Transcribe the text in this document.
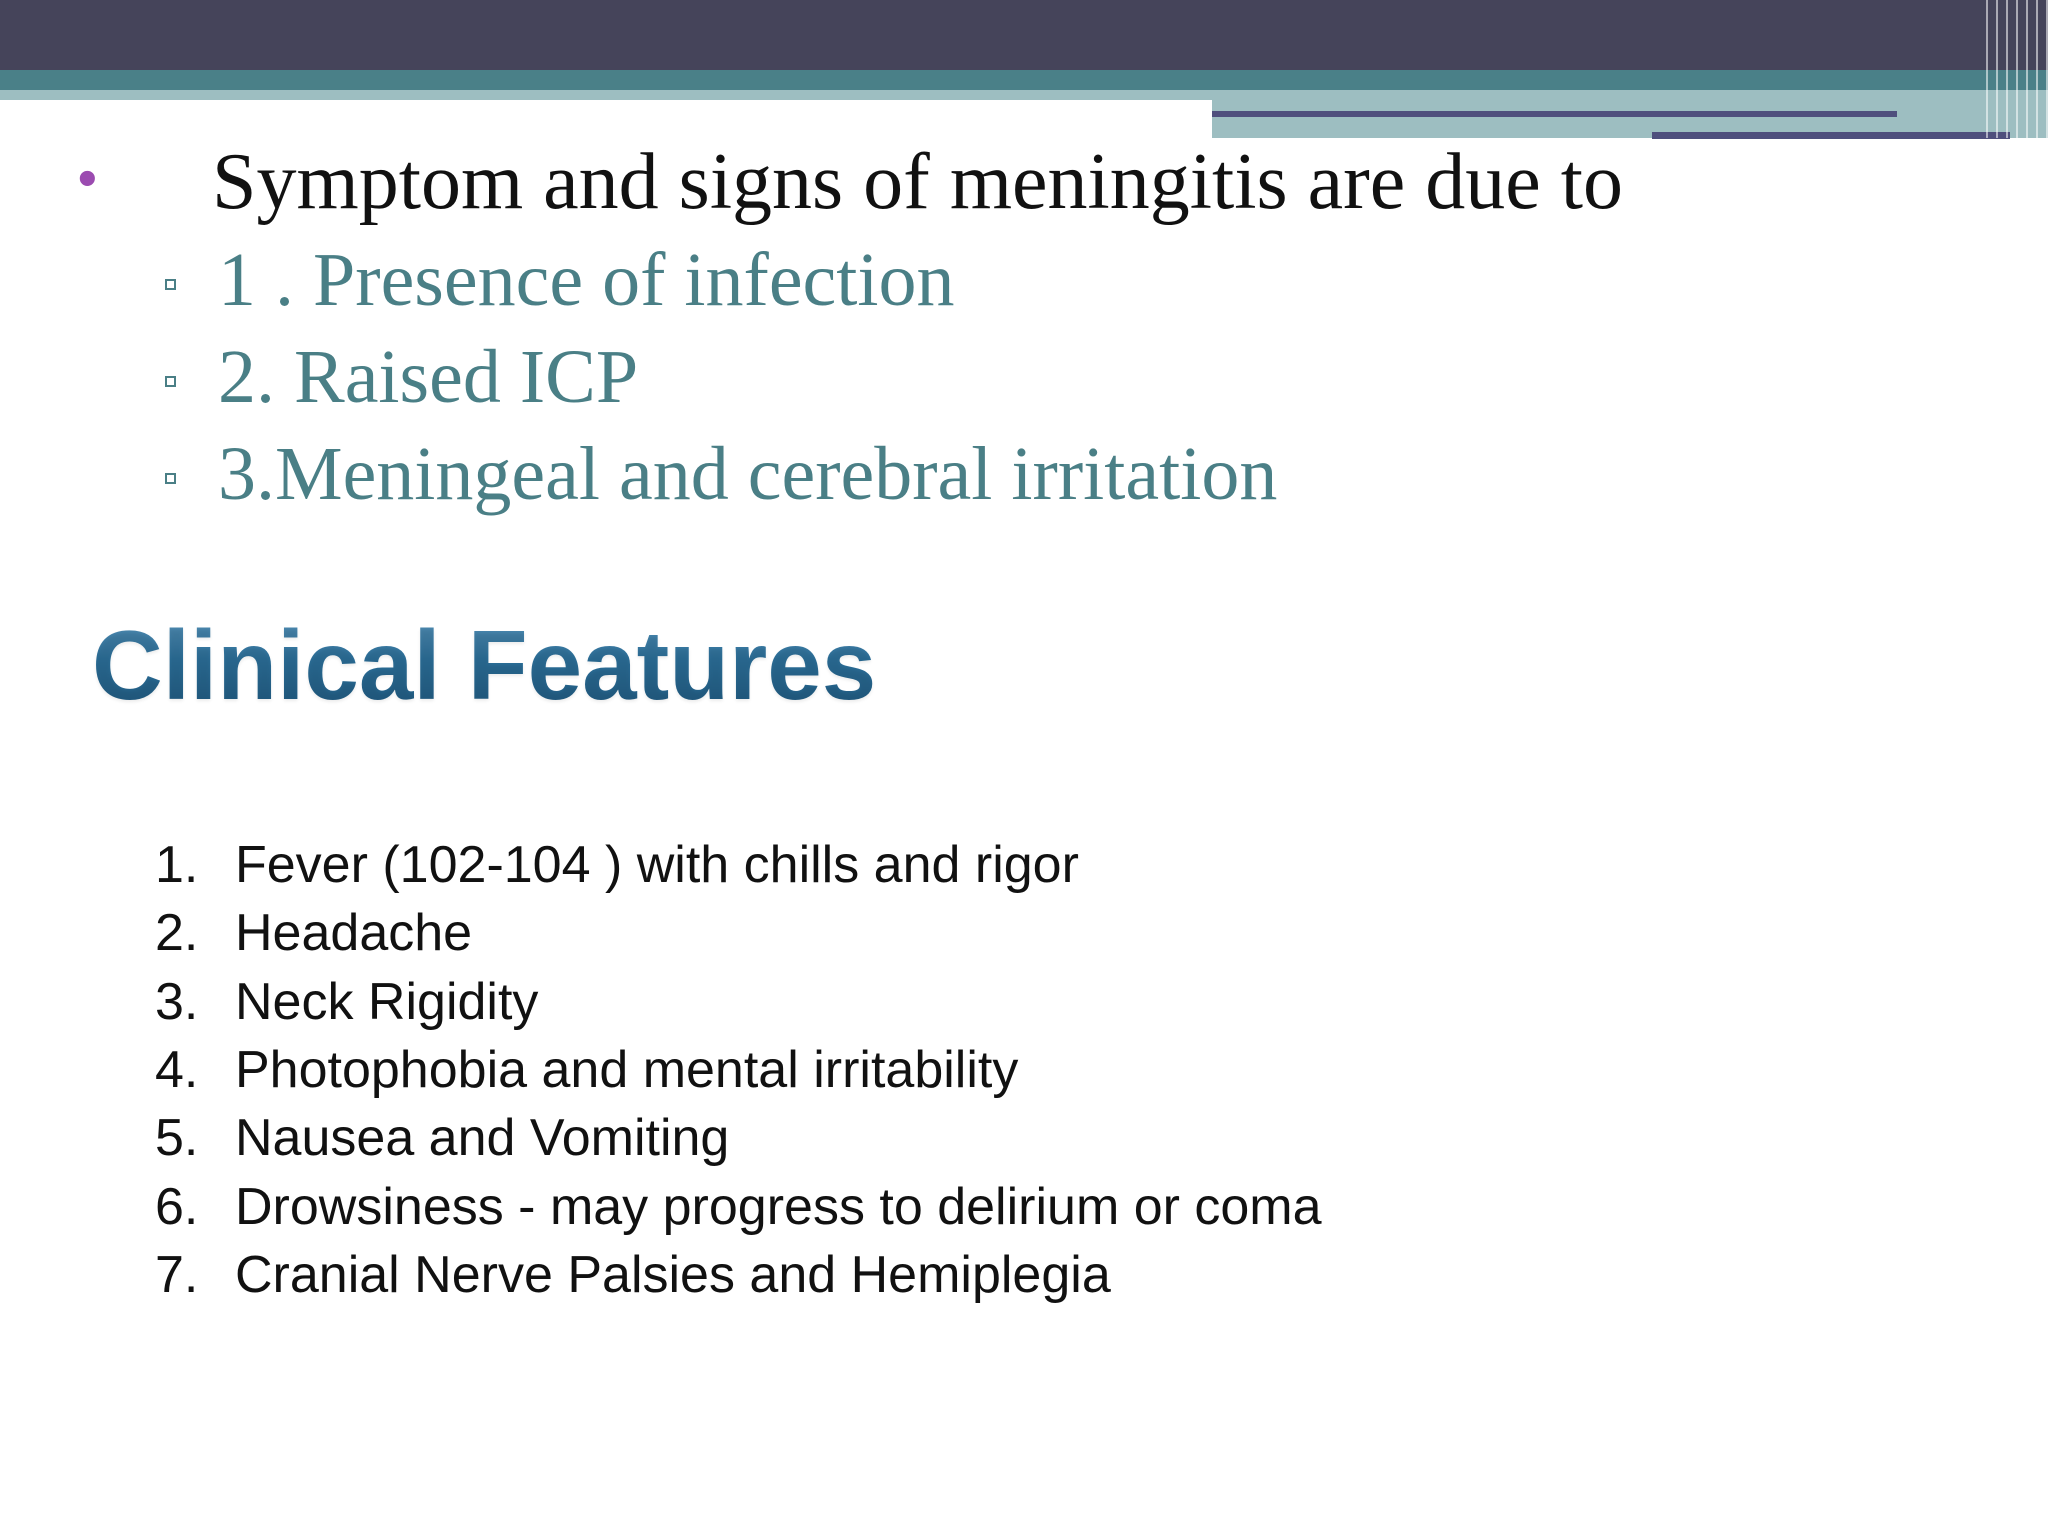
• Symptom and signs of meningitis are due to
1 . Presence of infection
2. Raised ICP
3.Meningeal and cerebral irritation
Clinical Features
1. Fever (102-104 ) with chills and rigor
2. Headache
3. Neck Rigidity
4. Photophobia and mental irritability
5. Nausea and Vomiting
6. Drowsiness - may progress to delirium or coma
7. Cranial Nerve Palsies and Hemiplegia
